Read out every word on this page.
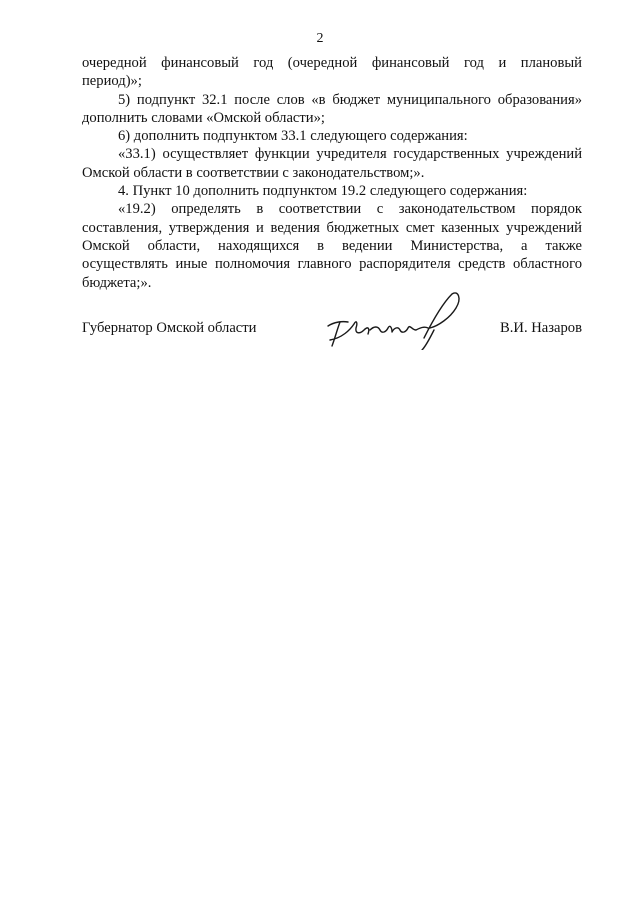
2
очередной финансовый год (очередной финансовый год и плановый
период)»;
5) подпункт 32.1 после слов «в бюджет муниципального образования»
дополнить словами «Омской области»;
6) дополнить подпунктом 33.1 следующего содержания:
«33.1) осуществляет функции учредителя государственных учреждений
Омской области в соответствии с законодательством;».
4. Пункт 10 дополнить подпунктом 19.2 следующего содержания:
«19.2) определять в соответствии с законодательством порядок
составления, утверждения и ведения бюджетных смет казенных учреждений
Омской области, находящихся в ведении Министерства, а также
осуществлять иные полномочия главного распорядителя средств областного
бюджета;».
Губернатор Омской области	В.И. Назаров
